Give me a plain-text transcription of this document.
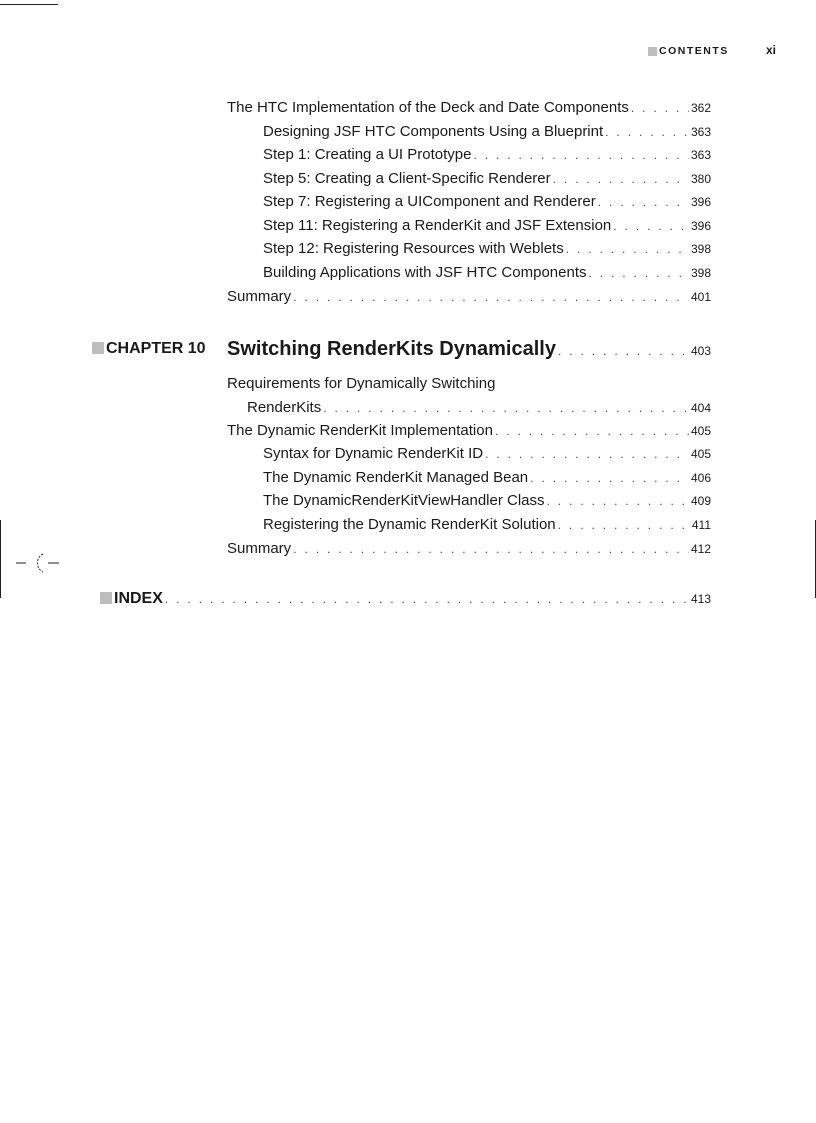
CONTENTS	xi
The HTC Implementation of the Deck and Date Components . . .	362
Designing JSF HTC Components Using a Blueprint . . .	363
Step 1: Creating a UI Prototype . . .	363
Step 5: Creating a Client-Specific Renderer . . .	380
Step 7: Registering a UIComponent and Renderer . . .	396
Step 11: Registering a RenderKit and JSF Extension . . .	396
Step 12: Registering Resources with Weblets . . .	398
Building Applications with JSF HTC Components . . .	398
Summary . . .	401
CHAPTER 10 Switching RenderKits Dynamically . . .	403
Requirements for Dynamically Switching
RenderKits . . .	404
The Dynamic RenderKit Implementation . . .	405
Syntax for Dynamic RenderKit ID . . .	405
The Dynamic RenderKit Managed Bean . . .	406
The DynamicRenderKitViewHandler Class . . .	409
Registering the Dynamic RenderKit Solution . . .	411
Summary . . .	412
INDEX . . .	413
